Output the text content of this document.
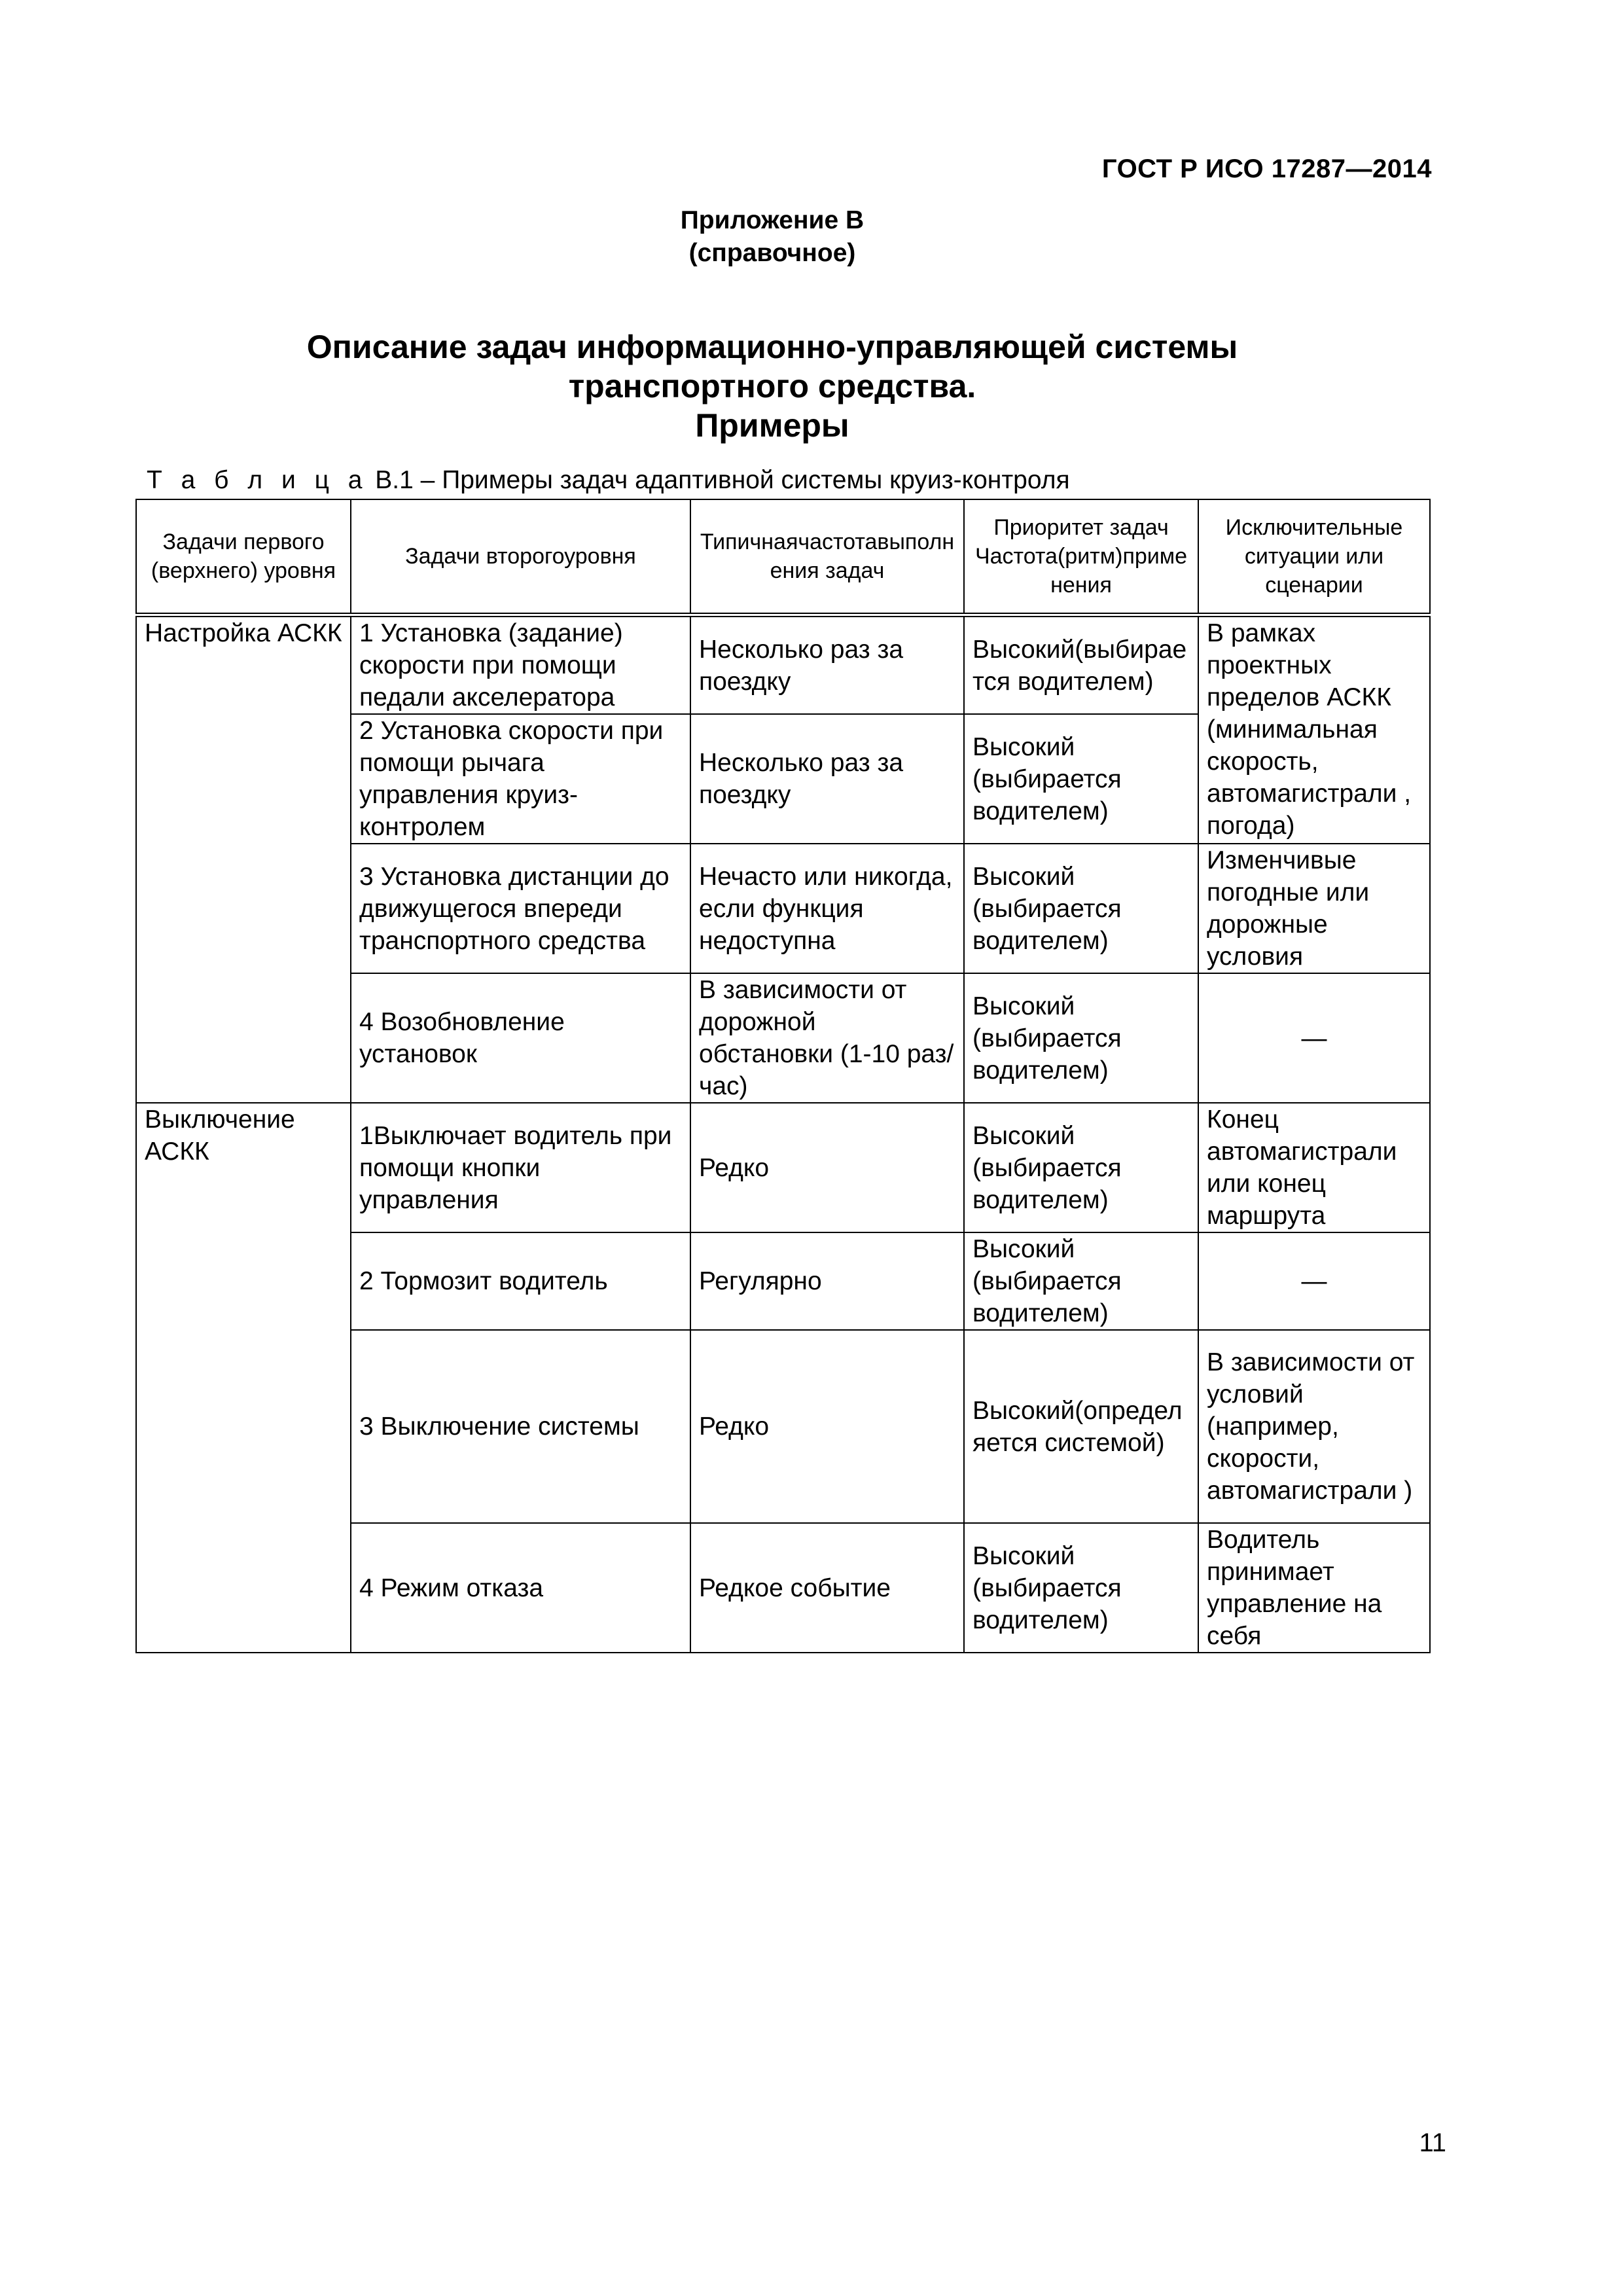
ГОСТ Р ИСО 17287—2014
Приложение В
(справочное)
Описание задач информационно-управляющей системы
транспортного средства.
Примеры
Т а б л и ц а В.1 – Примеры задач адаптивной системы круиз-контроля
Задачи первого (верхнего) уровня	Задачи второгоуровня	Типичнаячастотавыполнения задач	Приоритет задач Частота(ритм)применения	Исключительные ситуации или сценарии
Настройка АСКК	1 Установка (задание) скорости при помощи педали акселератора	Несколько раз за поездку	Высокий(выбирается водителем)	В рамках проектных пределов АСКК (минимальная скорость, автомагистрали , погода)
	2 Установка скорости при помощи рычага управления круиз-контролем	Несколько раз за поездку	Высокий (выбирается водителем)	
	3 Установка дистанции до движущегося впереди транспортного средства	Нечасто или никогда, если функция недоступна	Высокий (выбирается водителем)	Изменчивые погодные или дорожные условия
	4 Возобновление установок	В зависимости от дорожной обстановки (1-10 раз/час)	Высокий (выбирается водителем)	—
Выключение АСКК	1Выключает водитель при помощи кнопки управления	Редко	Высокий (выбирается водителем)	Конец автомагистрали или конец маршрута
	2 Тормозит водитель	Регулярно	Высокий (выбирается водителем)	—
	3 Выключение системы	Редко	Высокий(определяется системой)	В зависимости от условий (например, скорости, автомагистрали )
	4 Режим отказа	Редкое событие	Высокий (выбирается водителем)	Водитель принимает управление на себя
11
